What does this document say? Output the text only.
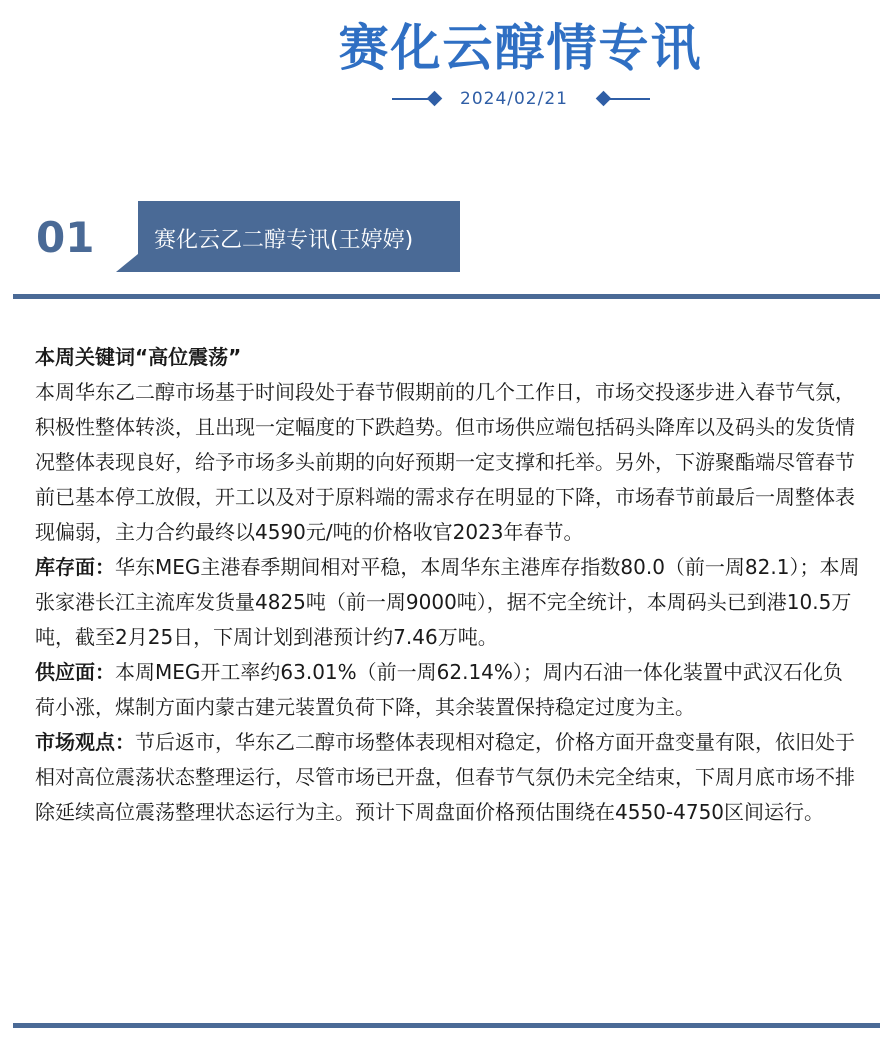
赛化云醇情专讯
2024/02/21
01	赛化云乙二醇专讯(王婷婷)

本周关键词“高位震荡”

本周华东乙二醇市场基于时间段处于春节假期前的几个工作日，市场交投逐步进入春节气氛，积极性整体转淡，且出现一定幅度的下跌趋势。但市场供应端包括码头降库以及码头的发货情况整体表现良好，给予市场多头前期的向好预期一定支撑和托举。另外，下游聚酯端尽管春节前已基本停工放假，开工以及对于原料端的需求存在明显的下降，市场春节前最后一周整体表现偏弱，主力合约最终以4590元/吨的价格收官2023年春节。

库存面：华东MEG主港春季期间相对平稳，本周华东主港库存指数80.0（前一周82.1）；本周张家港长江主流库发货量4825吨（前一周9000吨），据不完全统计，本周码头已到港10.5万吨，截至2月25日，下周计划到港预计约7.46万吨。

供应面：本周MEG开工率约63.01%（前一周62.14%）；周内石油一体化装置中武汉石化负荷小涨，煤制方面内蒙古建元装置负荷下降，其余装置保持稳定过度为主。

市场观点：节后返市，华东乙二醇市场整体表现相对稳定，价格方面开盘变量有限，依旧处于相对高位震荡状态整理运行，尽管市场已开盘，但春节气氛仍未完全结束，下周月底市场不排除延续高位震荡整理状态运行为主。预计下周盘面价格预估围绕在4550-4750区间运行。
